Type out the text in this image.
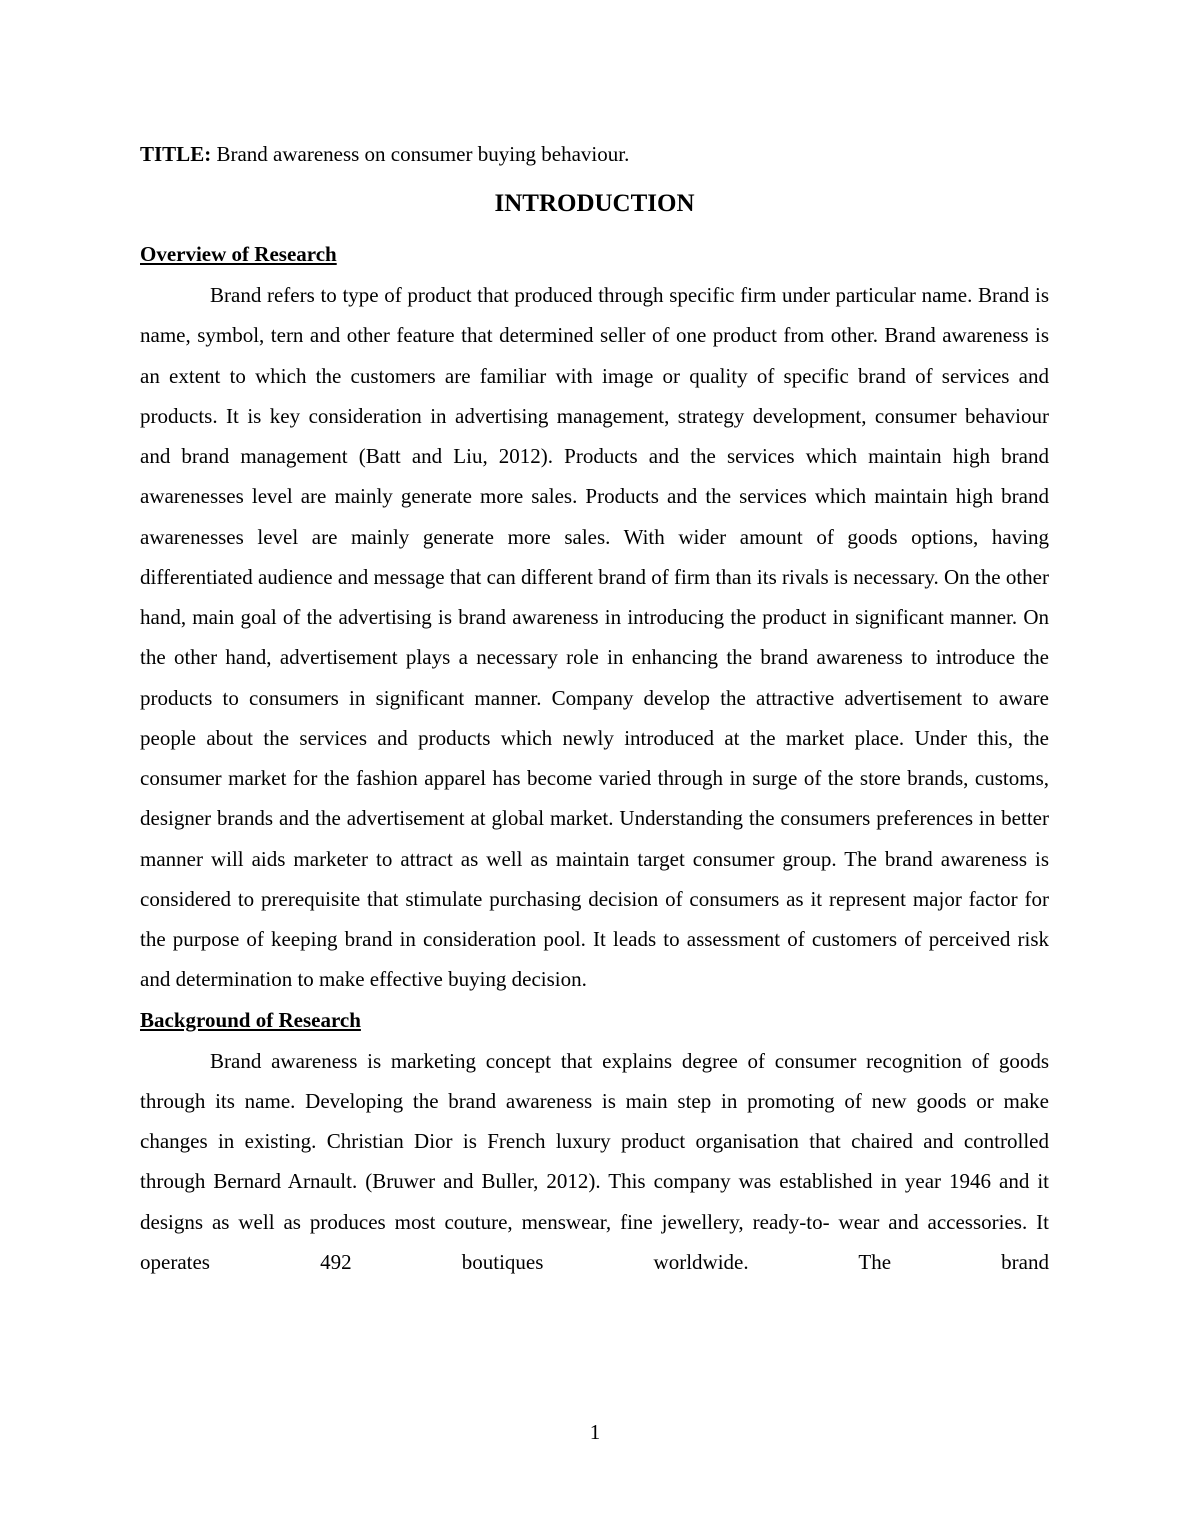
TITLE: Brand awareness on consumer buying behaviour.

INTRODUCTION
Overview of Research

Brand refers to type of product that produced through specific firm under particular name. Brand is name, symbol, tern and other feature that determined seller of one product from other. Brand awareness is an extent to which the customers are familiar with image or quality of specific brand of services and products. It is key consideration in advertising management, strategy development, consumer behaviour and brand management (Batt and Liu, 2012). Products and the services which maintain high brand awarenesses level are mainly generate more sales. Products and the services which maintain high brand awarenesses level are mainly generate more sales. With wider amount of goods options, having differentiated audience and message that can different brand of firm than its rivals is necessary. On the other hand, main goal of the advertising is brand awareness in introducing the product in significant manner. On the other hand, advertisement plays a necessary role in enhancing the brand awareness to introduce the products to consumers in significant manner. Company develop the attractive advertisement to aware people about the services and products which newly introduced at the market place. Under this, the consumer market for the fashion apparel has become varied through in surge of the store brands, customs, designer brands and the advertisement at global market. Understanding the consumers preferences in better manner will aids marketer to attract as well as maintain target consumer group. The brand awareness is considered to prerequisite that stimulate purchasing decision of consumers as it represent major factor for the purpose of keeping brand in consideration pool. It leads to assessment of customers of perceived risk and determination to make effective buying decision.

Background of Research

Brand awareness is marketing concept that explains degree of consumer recognition of goods through its name. Developing the brand awareness is main step in promoting of new goods or make changes in existing. Christian Dior is French luxury product organisation that chaired and controlled through Bernard Arnault. (Bruwer and Buller, 2012). This company was established in year 1946 and it designs as well as produces most couture, menswear, fine jewellery, ready-to- wear and accessories. It operates 492 boutiques worldwide. The brand

1
